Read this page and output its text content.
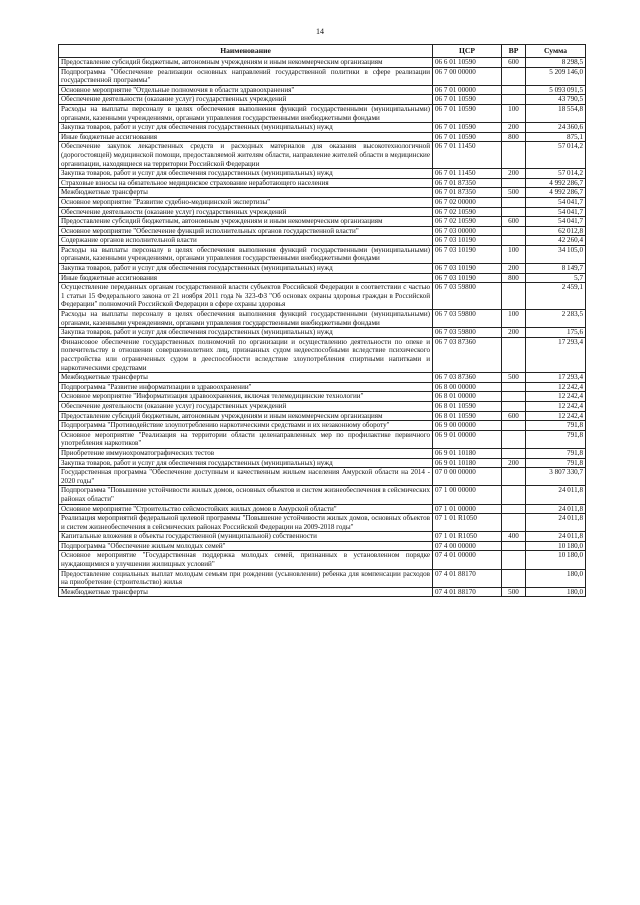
14
Наименование	ЦСР	ВР	Сумма
Предоставление субсидий бюджетным, автономным учреждениям и иным некоммерческим организациям	06 6 01 10590	600	8 298,5
Подпрограмма "Обеспечение реализации основных направлений государственной политики в сфере реализации государственной программы"	06 7 00 00000		5 209 146,0
Основное мероприятие "Отдельные полномочия в области здравоохранения"	06 7 01 00000		5 093 091,5
Обеспечение деятельности (оказание услуг) государственных учреждений	06 7 01 10590		43 790,5
Расходы на выплаты персоналу в целях обеспечения выполнения функций государственными (муниципальными) органами, казенными учреждениями, органами управления государственными внебюджетными фондами	06 7 01 10590	100	18 554,8
Закупка товаров, работ и услуг для обеспечения государственных (муниципальных) нужд	06 7 01 10590	200	24 360,6
Иные бюджетные ассигнования	06 7 01 10590	800	875,1
Обеспечение закупок лекарственных средств и расходных материалов для оказания высокотехнологичной (дорогостоящей) медицинской помощи, предоставляемой жителям области, направление жителей области в медицинские организации, находящиеся на территории Российской Федерации	06 7 01 11450		57 014,2
Закупка товаров, работ и услуг для обеспечения государственных (муниципальных) нужд	06 7 01 11450	200	57 014,2
Страховые взносы на обязательное медицинское страхование неработающего населения	06 7 01 87350		4 992 286,7
Межбюджетные трансферты	06 7 01 87350	500	4 992 286,7
Основное мероприятие "Развитие судебно-медицинской экспертизы"	06 7 02 00000		54 041,7
Обеспечение деятельности (оказание услуг) государственных учреждений	06 7 02 10590		54 041,7
Предоставление субсидий бюджетным, автономным учреждениям и иным некоммерческим организациям	06 7 02 10590	600	54 041,7
Основное мероприятие "Обеспечение функций исполнительных органов государственной власти"	06 7 03 00000		62 012,8
Содержание органов исполнительной власти	06 7 03 10190		42 260,4
Расходы на выплаты персоналу в целях обеспечения выполнения функций государственными (муниципальными) органами, казенными учреждениями, органами управления государственными внебюджетными фондами	06 7 03 10190	100	34 105,0
Закупка товаров, работ и услуг для обеспечения государственных (муниципальных) нужд	06 7 03 10190	200	8 149,7
Иные бюджетные ассигнования	06 7 03 10190	800	5,7
Осуществление переданных органам государственной власти субъектов Российской Федерации в соответствии с частью 1 статьи 15 Федерального закона от 21 ноября 2011 года № 323-ФЗ "Об основах охраны здоровья граждан в Российской Федерации" полномочий Российской Федерации в сфере охраны здоровья	06 7 03 59800		2 459,1
Расходы на выплаты персоналу в целях обеспечения выполнения функций государственными (муниципальными) органами, казенными учреждениями, органами управления государственными внебюджетными фондами	06 7 03 59800	100	2 283,5
Закупка товаров, работ и услуг для обеспечения государственных (муниципальных) нужд	06 7 03 59800	200	175,6
Финансовое обеспечение государственных полномочий по организации и осуществлению деятельности по опеке и попечительству в отношении совершеннолетних лиц, признанных судом недееспособными вследствие психического расстройства или ограниченных судом в дееспособности вследствие злоупотребления спиртными напитками и наркотическими средствами	06 7 03 87360		17 293,4
Межбюджетные трансферты	06 7 03 87360	500	17 293,4
Подпрограмма "Развитие информатизации в здравоохранении"	06 8 00 00000		12 242,4
Основное мероприятие "Информатизация здравоохранения, включая телемедицинские технологии"	06 8 01 00000		12 242,4
Обеспечение деятельности (оказание услуг) государственных учреждений	06 8 01 10590		12 242,4
Предоставление субсидий бюджетным, автономным учреждениям и иным некоммерческим организациям	06 8 01 10590	600	12 242,4
Подпрограмма "Противодействие злоупотреблению наркотическими средствами и их незаконному обороту"	06 9 00 00000		791,8
Основное мероприятие "Реализация на территории области целенаправленных мер по профилактике первичного употребления наркотиков"	06 9 01 00000		791,8
Приобретение иммунохроматографических тестов	06 9 01 10180		791,8
Закупка товаров, работ и услуг для обеспечения государственных (муниципальных) нужд	06 9 01 10180	200	791,8
Государственная программа "Обеспечение доступным и качественным жильем населения Амурской области на 2014 - 2020 годы"	07 0 00 00000		3 807 330,7
Подпрограмма "Повышение устойчивости жилых домов, основных объектов и систем жизнеобеспечения в сейсмических районах области"	07 1 00 00000		24 011,8
Основное мероприятие "Строительство сейсмостойких жилых домов в Амурской области"	07 1 01 00000		24 011,8
Реализация мероприятий федеральной целевой программы "Повышение устойчивости жилых домов, основных объектов и систем жизнеобеспечения в сейсмических районах Российской Федерации на 2009-2018 годы"	07 1 01 R1050		24 011,8
Капитальные вложения в объекты государственной (муниципальной) собственности	07 1 01 R1050	400	24 011,8
Подпрограмма "Обеспечение жильем молодых семей"	07 4 00 00000		10 180,0
Основное мероприятие "Государственная поддержка молодых семей, признанных в установленном порядке нуждающимися в улучшении жилищных условий"	07 4 01 00000		10 180,0
Предоставление социальных выплат молодым семьям при рождении (усыновлении) ребенка для компенсации расходов на приобретение (строительство) жилья	07 4 01 88170		180,0
Межбюджетные трансферты	07 4 01 88170	500	180,0
